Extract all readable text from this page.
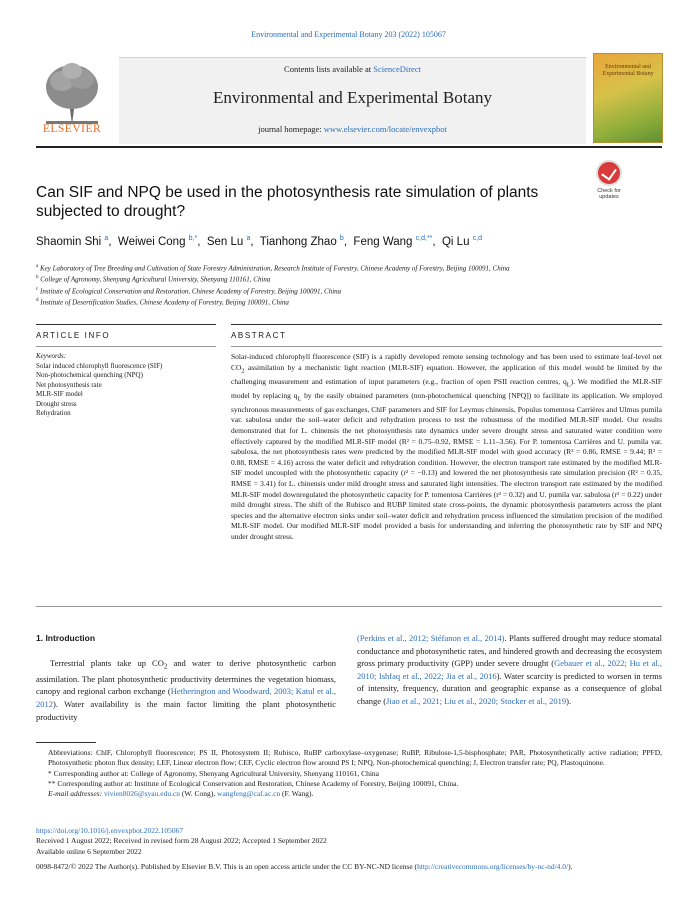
Environmental and Experimental Botany 203 (2022) 105067
ELSEVIER
Contents lists available at ScienceDirect
Environmental and Experimental Botany
journal homepage: www.elsevier.com/locate/envexpbot
Environmental and Experimental Botany
Check for updates
Can SIF and NPQ be used in the photosynthesis rate simulation of plants subjected to drought?
Shaomin Shi $^a$,  Weiwei Cong $^{b,*}$,  Sen Lu $^a$,  Tianhong Zhao $^b$,  Feng Wang $^{c,d,**}$,  Qi Lu $^{c,d}$
$^a$ Key Laboratory of Tree Breeding and Cultivation of State Forestry Administration, Research Institute of Forestry, Chinese Academy of Forestry, Beijing 100091, China
$^b$ College of Agronomy, Shenyang Agricultural University, Shenyang 110161, China
$^c$ Institute of Ecological Conservation and Restoration, Chinese Academy of Forestry, Beijing 100091, China
$^d$ Institute of Desertification Studies, Chinese Academy of Forestry, Beijing 100091, China
ARTICLE INFO	ABSTRACT
Keywords:
Solar induced chlorophyll fluorescence (SIF)
Non-photochemical quenching (NPQ)
Net photosynthesis rate
MLR-SIF model
Drought stress
Rehydration
Solar-induced chlorophyll fluorescence (SIF) is a rapidly developed remote sensing technology and has been used to estimate leaf-level net $CO_2$ assimilation by a mechanistic light reaction (MLR-SIF) equation. However, the application of this model would be limited by the challenging measurement and estimation of input parameters (e.g., fraction of open PSII reaction centres, $q_L$). We modified the MLR-SIF model by replacing $q_L$ by the easily obtained parameters (non-photochemical quenching [NPQ]) to facilitate its application. We employed synchronous measurements of gas exchanges, ChlF parameters and SIF for Leymus chinensis, Populus tomentosa Carrières and Ulmus pumila var. sabulosa under the soil–water deficit and rehydration process to test the robustness of the modified MLR-SIF model. Our results demonstrated that for L. chinensis the net photosynthesis rate dynamics under severe drought stress and saturated water condition were effectively captured by the modified MLR-SIF model (R² = 0.75–0.92, RMSE = 1.11–3.56). For P. tomentosa Carrières and U. pumila var. sabulosa, the net photosynthesis rates were predicted by the modified MLR-SIF model with good accuracy (R² = 0.86, RMSE = 9.44; R² = 0.88, RMSE = 4.16) across the water deficit and rehydration condition. However, the electron transport rate estimated by the modified MLR-SIF model uncoupled with the photosynthetic capacity (r² = −0.13) and lowered the net photosynthesis rate simulation precision (R² = 0.35, RMSE = 3.41) for L. chinensis under mild drought stress and saturated light intensities. The electron transport rate estimated by the modified MLR-SIF model downregulated the photosynthetic capacity for P. tomentosa Carrières (r² = 0.32) and U. pumila var. sabulosa (r² = 0.22) under mild drought stress. The shift of the Rubisco and RUBP limited state cross-points, the dynamic photosynthesis parameters across the plant species and the alternative electron sinks under soil–water deficit and rehydration process influenced the simulation precision of the modified MLR-SIF model. Our modified MLR-SIF model provided a basis for understanding and inferring the photosynthetic rate by SIF and NPQ under drought stress.
1. Introduction
Terrestrial plants take up $CO_2$ and water to derive photosynthetic carbon assimilation. The plant photosynthetic productivity determines the vegetation biomass, canopy and regional carbon exchange (Hetherington and Woodward, 2003; Katul et al., 2012). Water availability is the main factor limiting the plant photosynthetic productivity
(Perkins et al., 2012; Stéfanon et al., 2014). Plants suffered drought may reduce stomatal conductance and photosynthetic rates, and hindered growth and decreasing the ecosystem gross primary productivity (GPP) under severe drought (Gebauer et al., 2022; Hu et al., 2010; Ishfaq et al., 2022; Jia et al., 2016). Water scarcity is predicted to worsen in terms of intensity, frequency, duration and geographic expanse as a consequence of global change (Jiao et al., 2021; Liu et al., 2020; Stocker et al., 2019).

Abbreviations: ChlF, Chlorophyll fluorescence; PS II, Photosystem II; Rubisco, RuBP carboxylase–oxygenase; RuBP, Ribulose-1,5-bisphosphate; PAR, Photosynthetically active radiation; PPFD, Photosynthetic photon flux density; LEF, Linear electron flow; CEF, Cyclic electron flow around PS I; NPQ, Non-photochemical quenching; J, Electron transfer rate; PQ, Plastoquinone.

* Corresponding author at: College of Agronomy, Shenyang Agricultural University, Shenyang 110161, China

** Corresponding author at: Institute of Ecological Conservation and Restoration, Chinese Academy of Forestry, Beijing 100091, China.

E-mail addresses: vivien8026@syau.edu.cn (W. Cong), wangfeng@caf.ac.cn (F. Wang).

https://doi.org/10.1016/j.envexpbot.2022.105067

Received 1 August 2022; Received in revised form 28 August 2022; Accepted 1 September 2022

Available online 6 September 2022

0098-8472/© 2022 The Author(s). Published by Elsevier B.V. This is an open access article under the CC BY-NC-ND license (http://creativecommons.org/licenses/by-nc-nd/4.0/).
